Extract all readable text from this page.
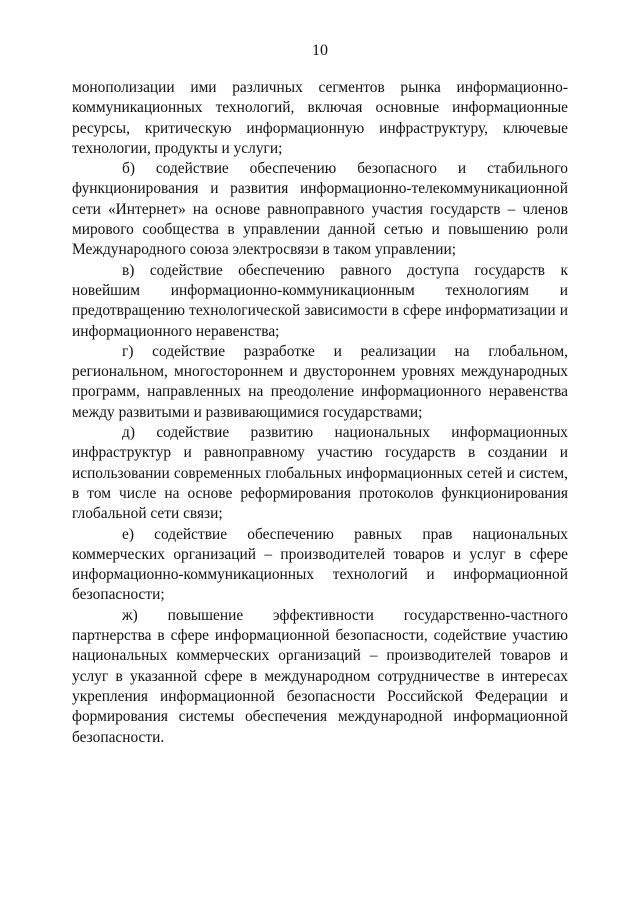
10

монополизации ими различных сегментов рынка информационно-коммуникационных технологий, включая основные информационные ресурсы, критическую информационную инфраструктуру, ключевые технологии, продукты и услуги;

б) содействие обеспечению безопасного и стабильного функционирования и развития информационно-телекоммуникационной сети «Интернет» на основе равноправного участия государств – членов мирового сообщества в управлении данной сетью и повышению роли Международного союза электросвязи в таком управлении;

в) содействие обеспечению равного доступа государств к новейшим информационно-коммуникационным технологиям и предотвращению технологической зависимости в сфере информатизации и информационного неравенства;

г) содействие разработке и реализации на глобальном, региональном, многостороннем и двустороннем уровнях международных программ, направленных на преодоление информационного неравенства между развитыми и развивающимися государствами;

д) содействие развитию национальных информационных инфраструктур и равноправному участию государств в создании и использовании современных глобальных информационных сетей и систем, в том числе на основе реформирования протоколов функционирования глобальной сети связи;

е) содействие обеспечению равных прав национальных коммерческих организаций – производителей товаров и услуг в сфере информационно-коммуникационных технологий и информационной безопасности;

ж) повышение эффективности государственно-частного партнерства в сфере информационной безопасности, содействие участию национальных коммерческих организаций – производителей товаров и услуг в указанной сфере в международном сотрудничестве в интересах укрепления информационной безопасности Российской Федерации и формирования системы обеспечения международной информационной безопасности.
